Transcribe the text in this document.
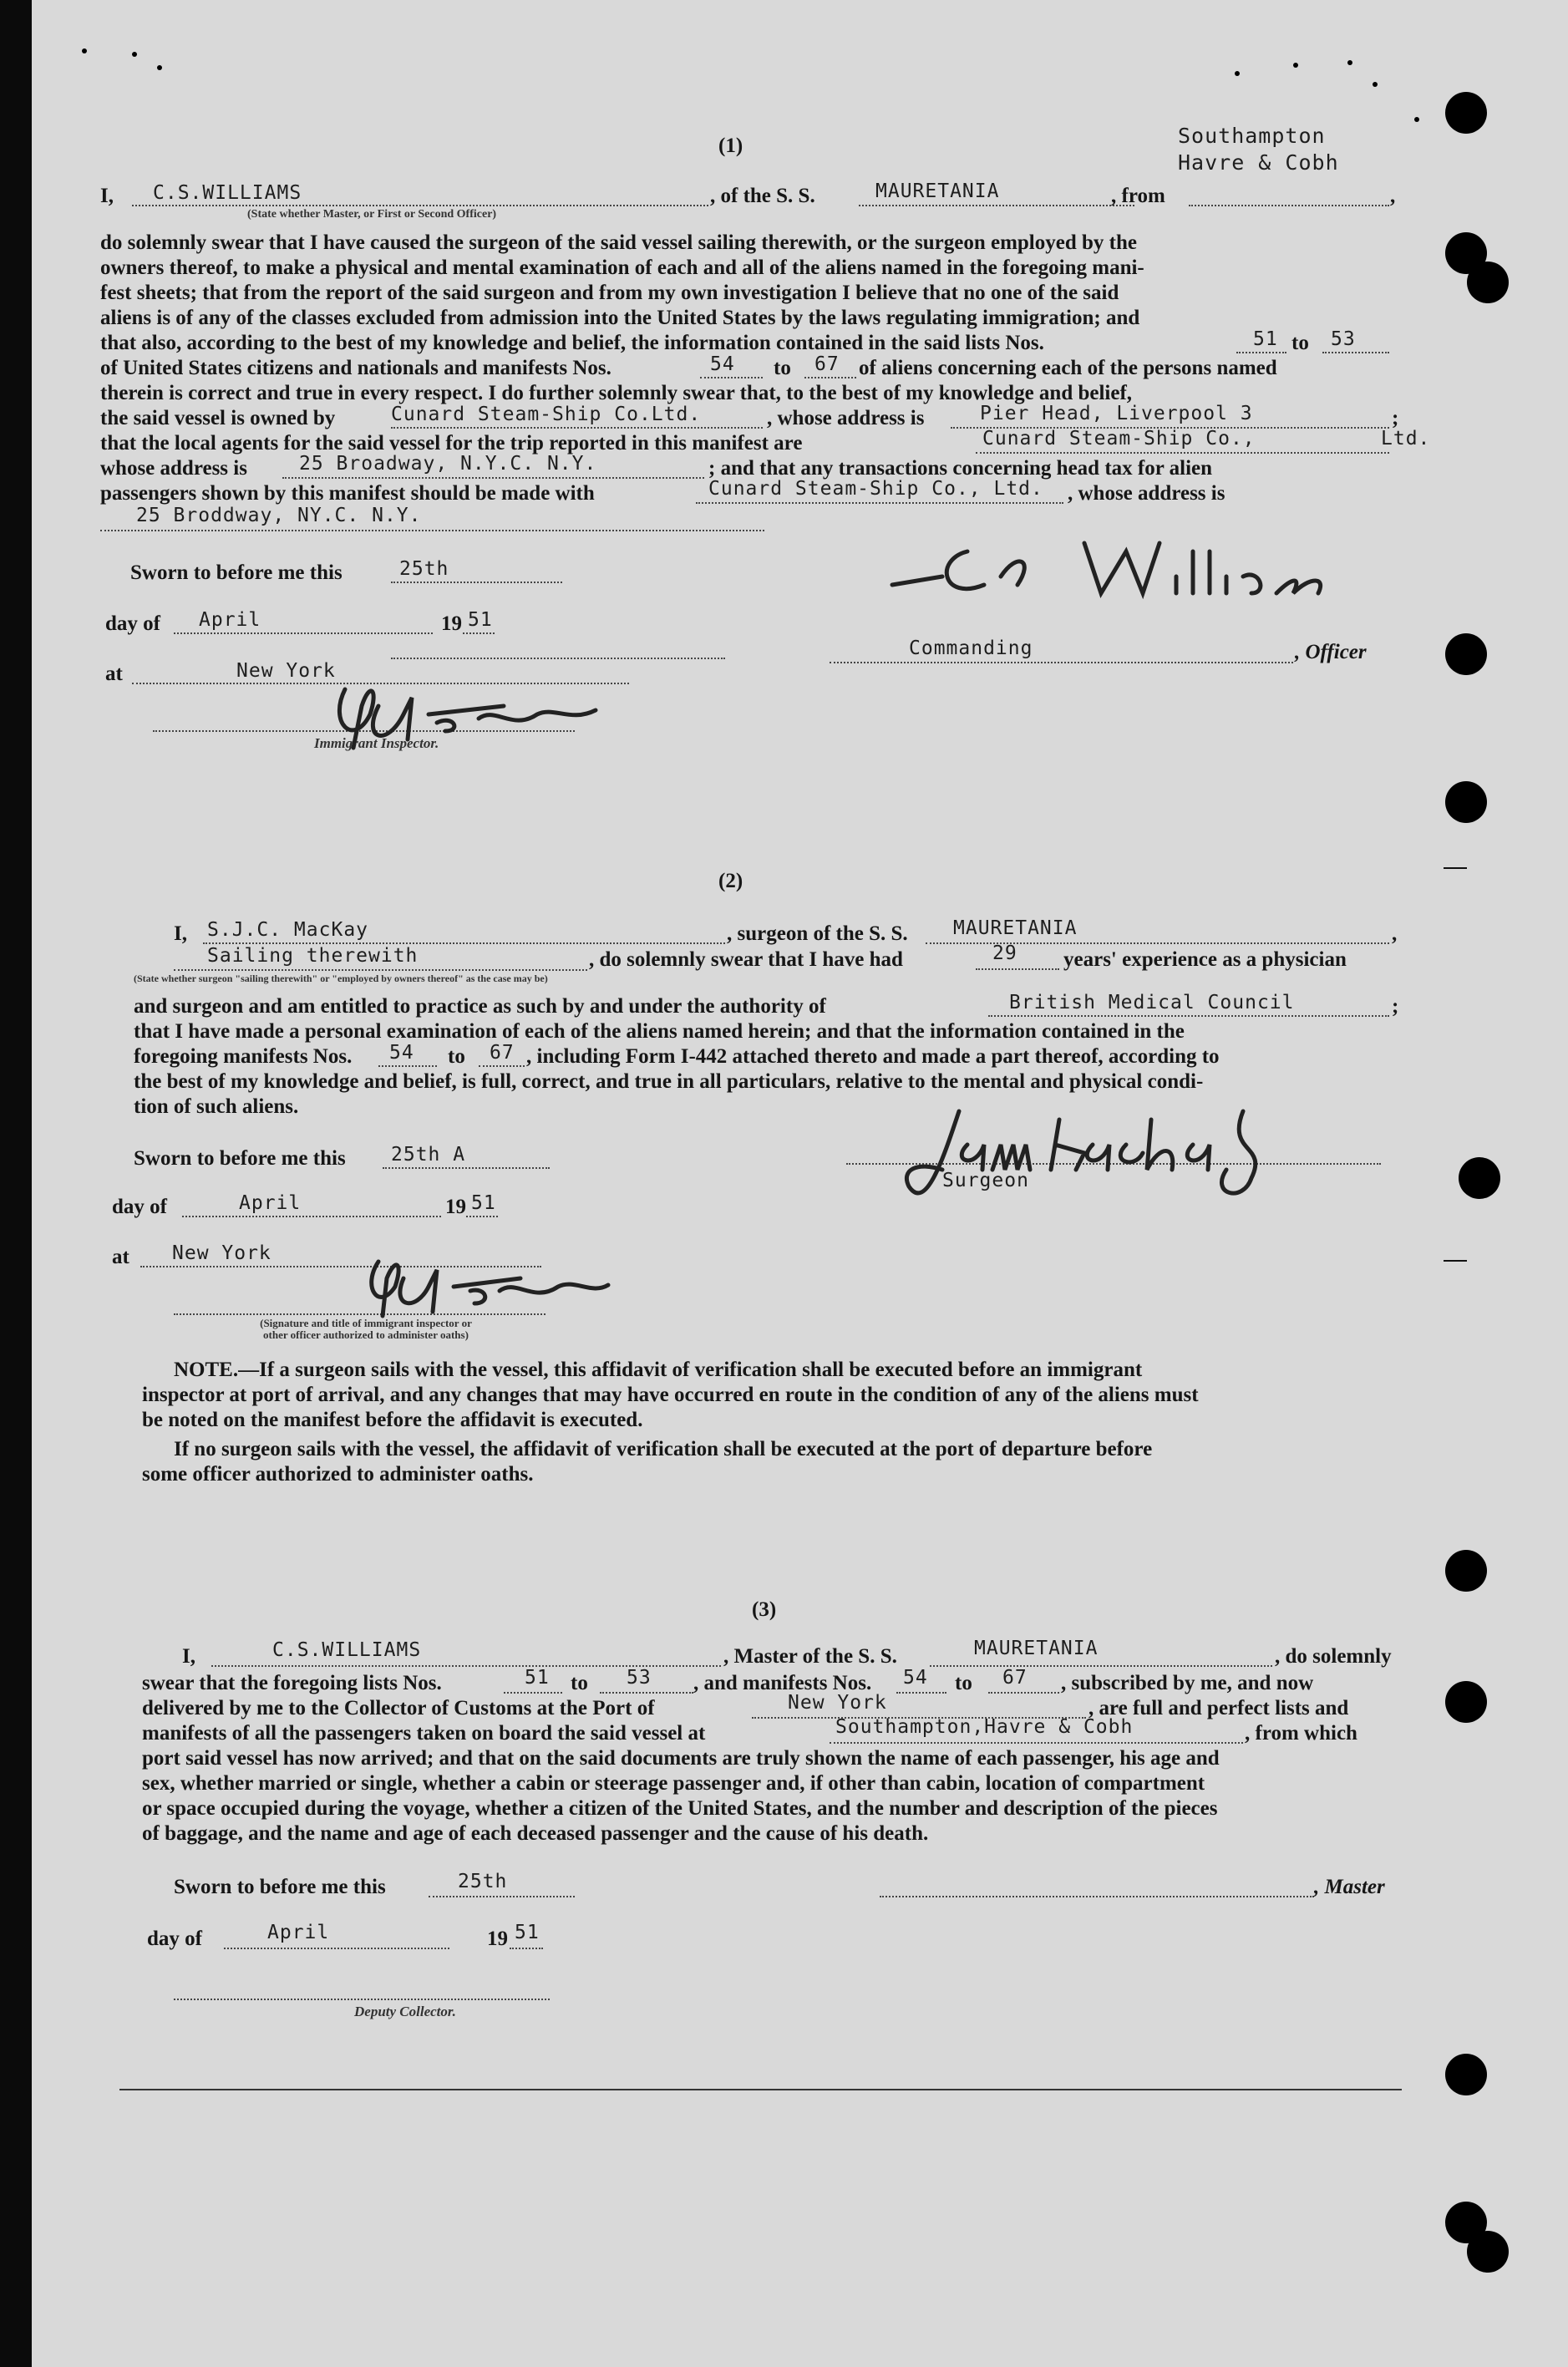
(1)	Southampton
Havre & Cobh
I, C.S.WILLIAMS	, of the S. S.	MAURETANIA	, from	,
(State whether Master, or First or Second Officer)
do solemnly swear that I have caused the surgeon of the said vessel sailing therewith, or the surgeon employed by the
owners thereof, to make a physical and mental examination of each and all of the aliens named in the foregoing mani-
fest sheets; that from the report of the said surgeon and from my own investigation I believe that no one of the said
aliens is of any of the classes excluded from admission into the United States by the laws regulating immigration; and
that also, according to the best of my knowledge and belief, the information contained in the said lists Nos.	51 to 53
of United States citizens and nationals and manifests Nos.	54 to 67 of aliens concerning each of the persons named
therein is correct and true in every respect. I do further solemnly swear that, to the best of my knowledge and belief,
the said vessel is owned by	Cunard Steam-Ship Co.Ltd.	, whose address is	Pier Head, Liverpool 3	;
that the local agents for the said vessel for the trip reported in this manifest are	Cunard Steam-Ship Co.,	Ltd.
whose address is	25 Broadway, N.Y.C. N.Y.	; and that any transactions concerning head tax for alien
passengers shown by this manifest should be made with	Cunard Steam-Ship Co., Ltd. , whose address is
25 Broddway, NY.C. N.Y.
Sworn to before me this	25th
day of April	19 51
at	New York
Commanding	, Officer
Immigrant Inspector.
(2)
I, S.J.C. MacKay	, surgeon of the S. S. MAURETANIA	,
Sailing therewith	, do solemnly swear that I have had	29 years' experience as a physician
(State whether surgeon "sailing therewith" or "employed by owners thereof" as the case may be)
and surgeon and am entitled to practice as such by and under the authority of	British Medical Council	;
that I have made a personal examination of each of the aliens named herein; and that the information contained in the
foregoing manifests Nos. 54 to 67 , including Form I-442 attached thereto and made a part thereof, according to
the best of my knowledge and belief, is full, correct, and true in all particulars, relative to the mental and physical condi-
tion of such aliens.
Sworn to before me this 25th A
day of	April	19 51
at New York
Surgeon
(Signature and title of immigrant inspector or
other officer authorized to administer oaths)
NOTE.—If a surgeon sails with the vessel, this affidavit of verification shall be executed before an immigrant
inspector at port of arrival, and any changes that may have occurred en route in the condition of any of the aliens must
be noted on the manifest before the affidavit is executed.
If no surgeon sails with the vessel, the affidavit of verification shall be executed at the port of departure before
some officer authorized to administer oaths.
(3)
I,	C.S.WILLIAMS	, Master of the S. S.	MAURETANIA	, do solemnly
swear that the foregoing lists Nos.	51 to 53 , and manifests Nos. 54 to 67 , subscribed by me, and now
delivered by me to the Collector of Customs at the Port of	New York	, are full and perfect lists and
manifests of all the passengers taken on board the said vessel at	Southampton,Havre & Cobh	, from which
port said vessel has now arrived; and that on the said documents are truly shown the name of each passenger, his age and
sex, whether married or single, whether a cabin or steerage passenger and, if other than cabin, location of compartment
or space occupied during the voyage, whether a citizen of the United States, and the number and description of the pieces
of baggage, and the name and age of each deceased passenger and the cause of his death.
Sworn to before me this	25th	, Master
day of	April	19 51
Deputy Collector.
